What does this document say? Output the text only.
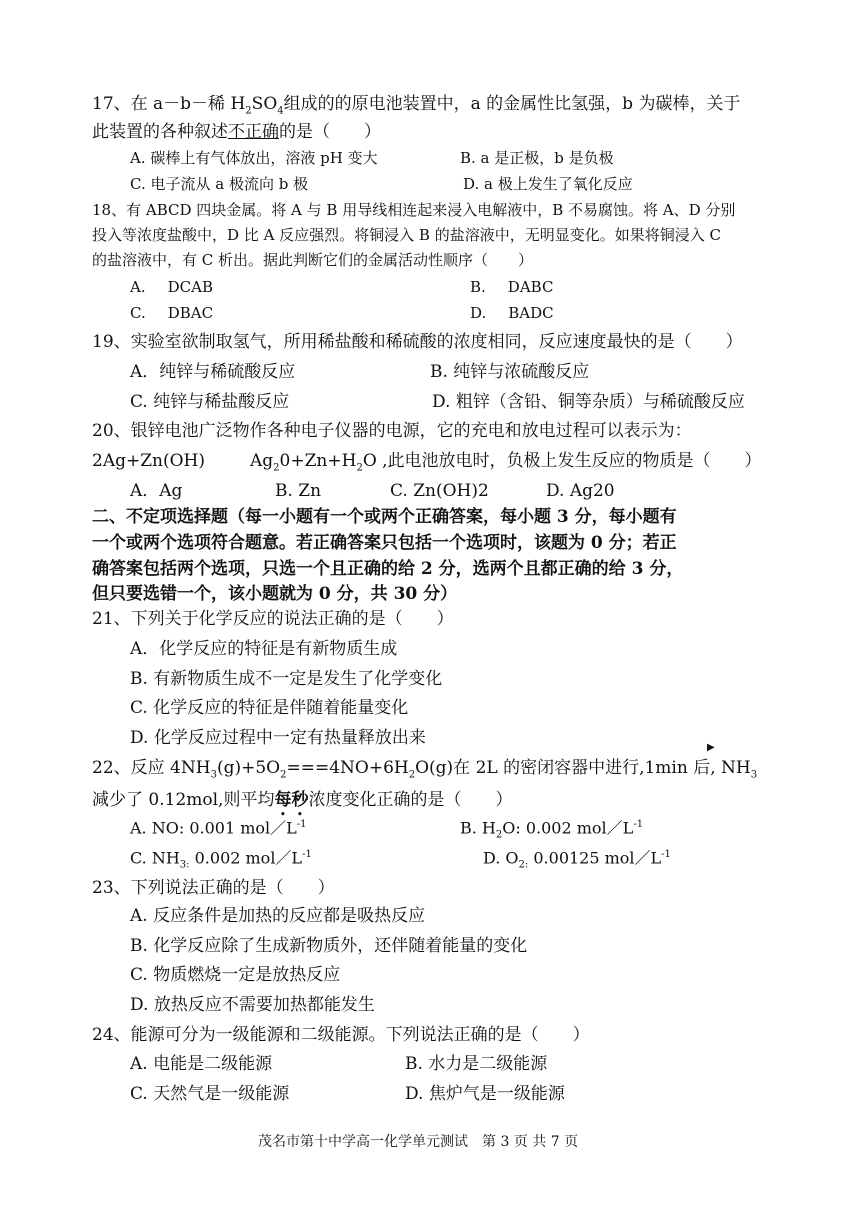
17、在 a－b－稀 $H_2SO_4$组成的的原电池装置中，a 的金属性比氢强，b 为碳棒，关于
此装置的各种叙述不正确的是（　　）
A. 碳棒上有气体放出，溶液 pH 变大	B. a 是正极，b 是负极
C. 电子流从 a 极流向 b 极	D. a 极上发生了氧化反应
18、有 ABCD 四块金属。将 A 与 B 用导线相连起来浸入电解液中，B 不易腐蚀。将 A、D 分别
投入等浓度盐酸中，D 比 A 反应强烈。将铜浸入 B 的盐溶液中，无明显变化。如果将铜浸入 C
的盐溶液中，有 C 析出。据此判断它们的金属活动性顺序（　　）
A. DCAB	B. DABC
C. DBAC	D. BADC
19、实验室欲制取氢气，所用稀盐酸和稀硫酸的浓度相同，反应速度最快的是（　　）
A．纯锌与稀硫酸反应	B. 纯锌与浓硫酸反应
C. 纯锌与稀盐酸反应	D. 粗锌（含铅、铜等杂质）与稀硫酸反应
20、银锌电池广泛物作各种电子仪器的电源，它的充电和放电过程可以表示为：
2Ag+Zn(OH)	$Ag_20+Zn+H_2O$ ,此电池放电时，负极上发生反应的物质是（　　）
A．Ag	B. Zn	C. Zn(OH)2	D. Ag20
二、不定项选择题（每一小题有一个或两个正确答案，每小题 3 分，每小题有
一个或两个选项符合题意。若正确答案只包括一个选项时，该题为 0 分；若正
确答案包括两个选项，只选一个且正确的给 2 分，选两个且都正确的给 3 分，
但只要选错一个，该小题就为 0 分，共 30 分）
21、下列关于化学反应的说法正确的是（　　）
A．化学反应的特征是有新物质生成
B. 有新物质生成不一定是发生了化学变化
C. 化学反应的特征是伴随着能量变化
D. 化学反应过程中一定有热量释放出来	▶
22、反应 $4NH_3(g)+5O_2===4NO+6H_2O(g)$在 2L 的密闭容器中进行,1min 后, $NH_3$
减少了 0.12mol,则平均每秒浓度变化正确的是（　　）
A. NO: 0.001 $mol/L^{-1}$	B. $H_2O$: 0.002 $mol/L^{-1}$
C. $NH_{3:}$ 0.002 $mol/L^{-1}$	D. $O_{2:}$ 0.00125 $mol/L^{-1}$
23、下列说法正确的是（　　）
A. 反应条件是加热的反应都是吸热反应
B. 化学反应除了生成新物质外，还伴随着能量的变化
C. 物质燃烧一定是放热反应
D. 放热反应不需要加热都能发生
24、能源可分为一级能源和二级能源。下列说法正确的是（　　）
A. 电能是二级能源	B. 水力是二级能源
C. 天然气是一级能源	D. 焦炉气是一级能源
茂名市第十中学高一化学单元测试　第 3 页 共 7 页
